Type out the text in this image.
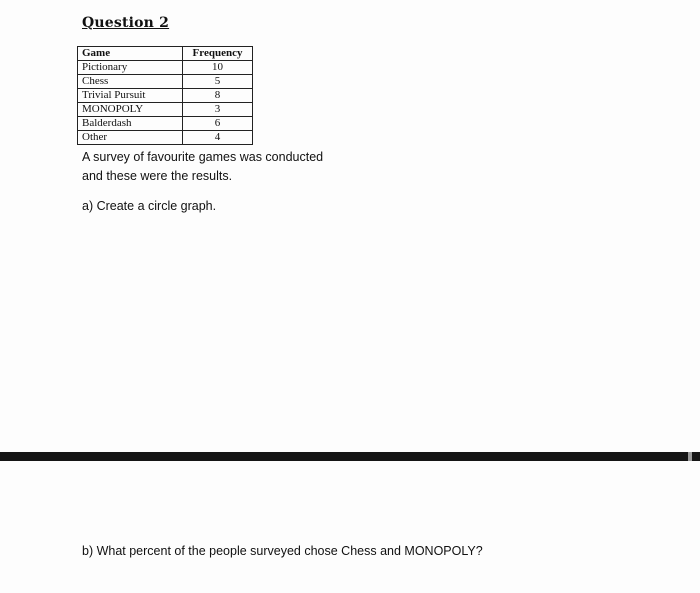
Question 2
Game	Frequency
Pictionary	10
Chess	5
Trivial Pursuit	8
MONOPOLY	3
Balderdash	6
Other	4

A survey of favourite games was conducted

and these were the results.

a) Create a circle graph.

b) What percent of the people surveyed chose Chess and MONOPOLY?
